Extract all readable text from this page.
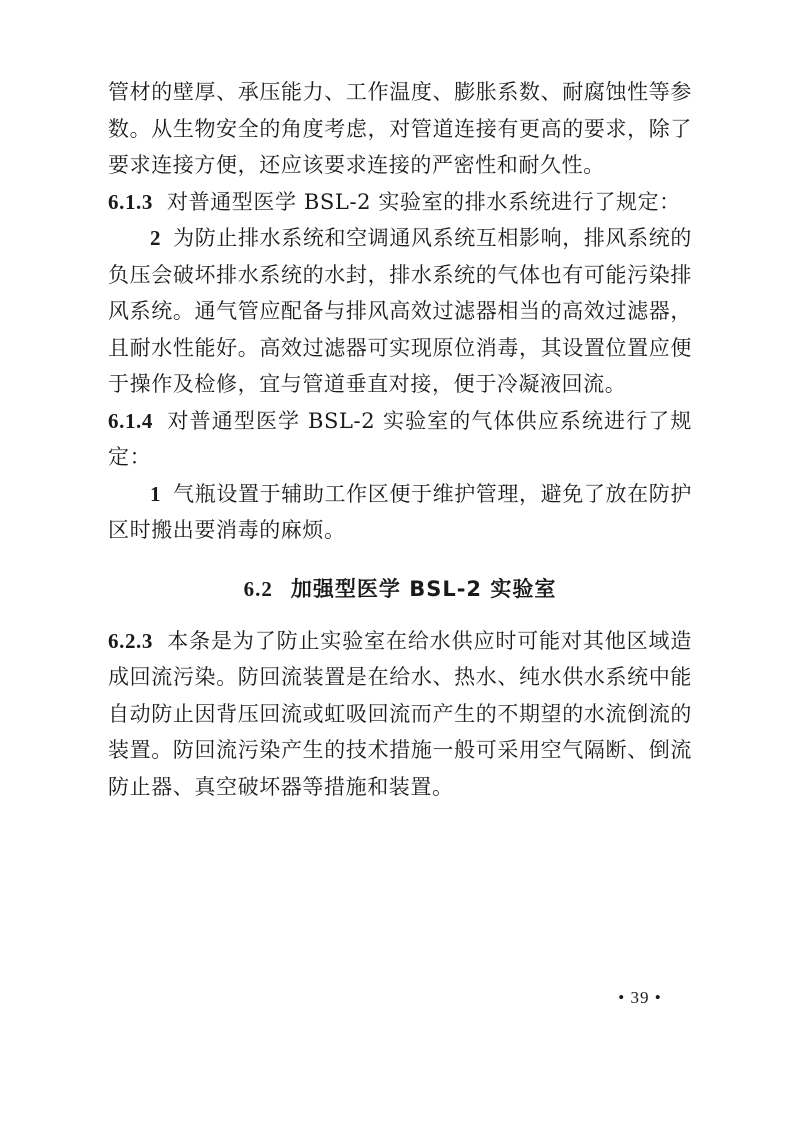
管材的壁厚、承压能力、工作温度、膨胀系数、耐腐蚀性等参数。从生物安全的角度考虑，对管道连接有更高的要求，除了要求连接方便，还应该要求连接的严密性和耐久性。

6.1.3 对普通型医学 BSL-2 实验室的排水系统进行了规定：

2 为防止排水系统和空调通风系统互相影响，排风系统的负压会破坏排水系统的水封，排水系统的气体也有可能污染排风系统。通气管应配备与排风高效过滤器相当的高效过滤器，且耐水性能好。高效过滤器可实现原位消毒，其设置位置应便于操作及检修，宜与管道垂直对接，便于冷凝液回流。

6.1.4 对普通型医学 BSL-2 实验室的气体供应系统进行了规定：

1 气瓶设置于辅助工作区便于维护管理，避免了放在防护区时搬出要消毒的麻烦。

6.2 加强型医学 BSL-2 实验室

6.2.3 本条是为了防止实验室在给水供应时可能对其他区域造成回流污染。防回流装置是在给水、热水、纯水供水系统中能自动防止因背压回流或虹吸回流而产生的不期望的水流倒流的装置。防回流污染产生的技术措施一般可采用空气隔断、倒流防止器、真空破坏器等措施和装置。

• 39 •
